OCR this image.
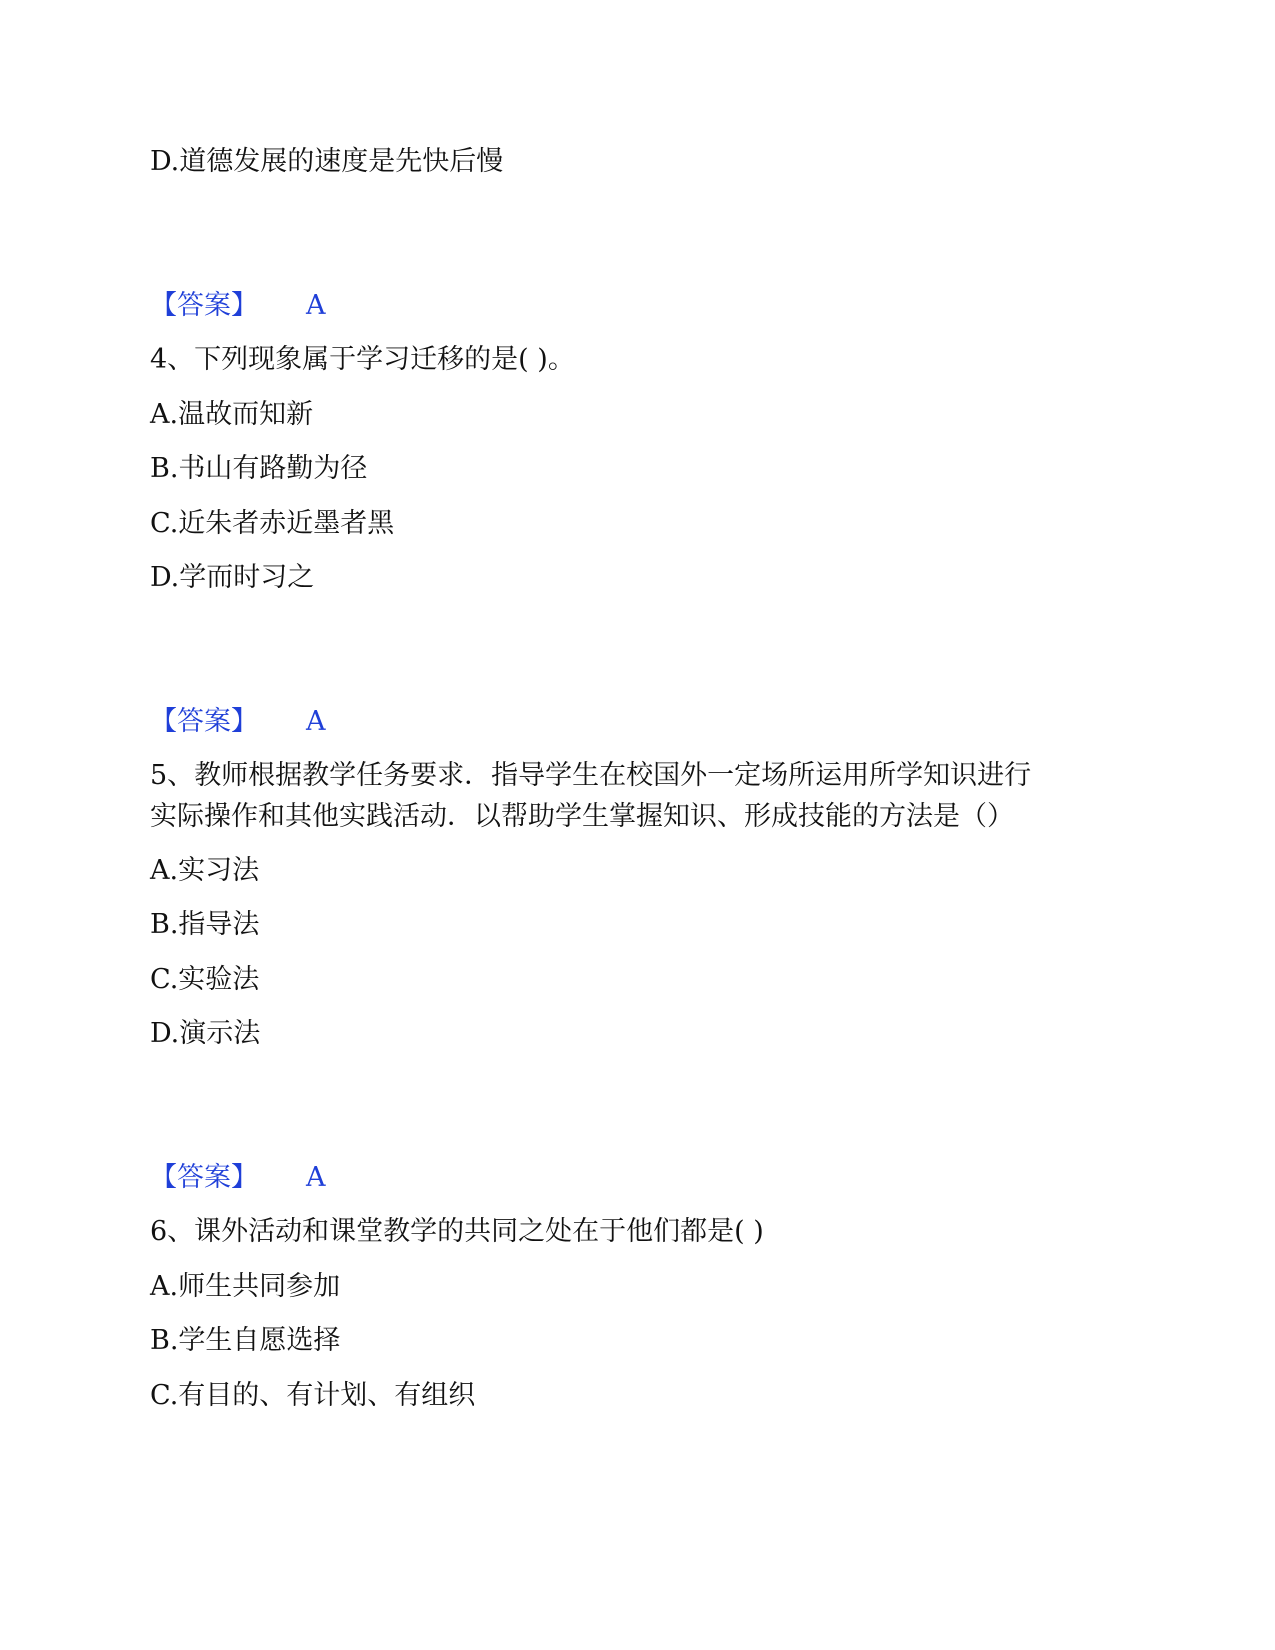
D.道德发展的速度是先快后慢

【答案】 A

4、下列现象属于学习迁移的是( )。

A.温故而知新

B.书山有路勤为径

C.近朱者赤近墨者黑

D.学而时习之

【答案】 A

5、教师根据教学任务要求．指导学生在校国外一定场所运用所学知识进行

实际操作和其他实践活动．以帮助学生掌握知识、形成技能的方法是（）

A.实习法

B.指导法

C.实验法

D.演示法

【答案】 A

6、课外活动和课堂教学的共同之处在于他们都是( )

A.师生共同参加

B.学生自愿选择

C.有目的、有计划、有组织
